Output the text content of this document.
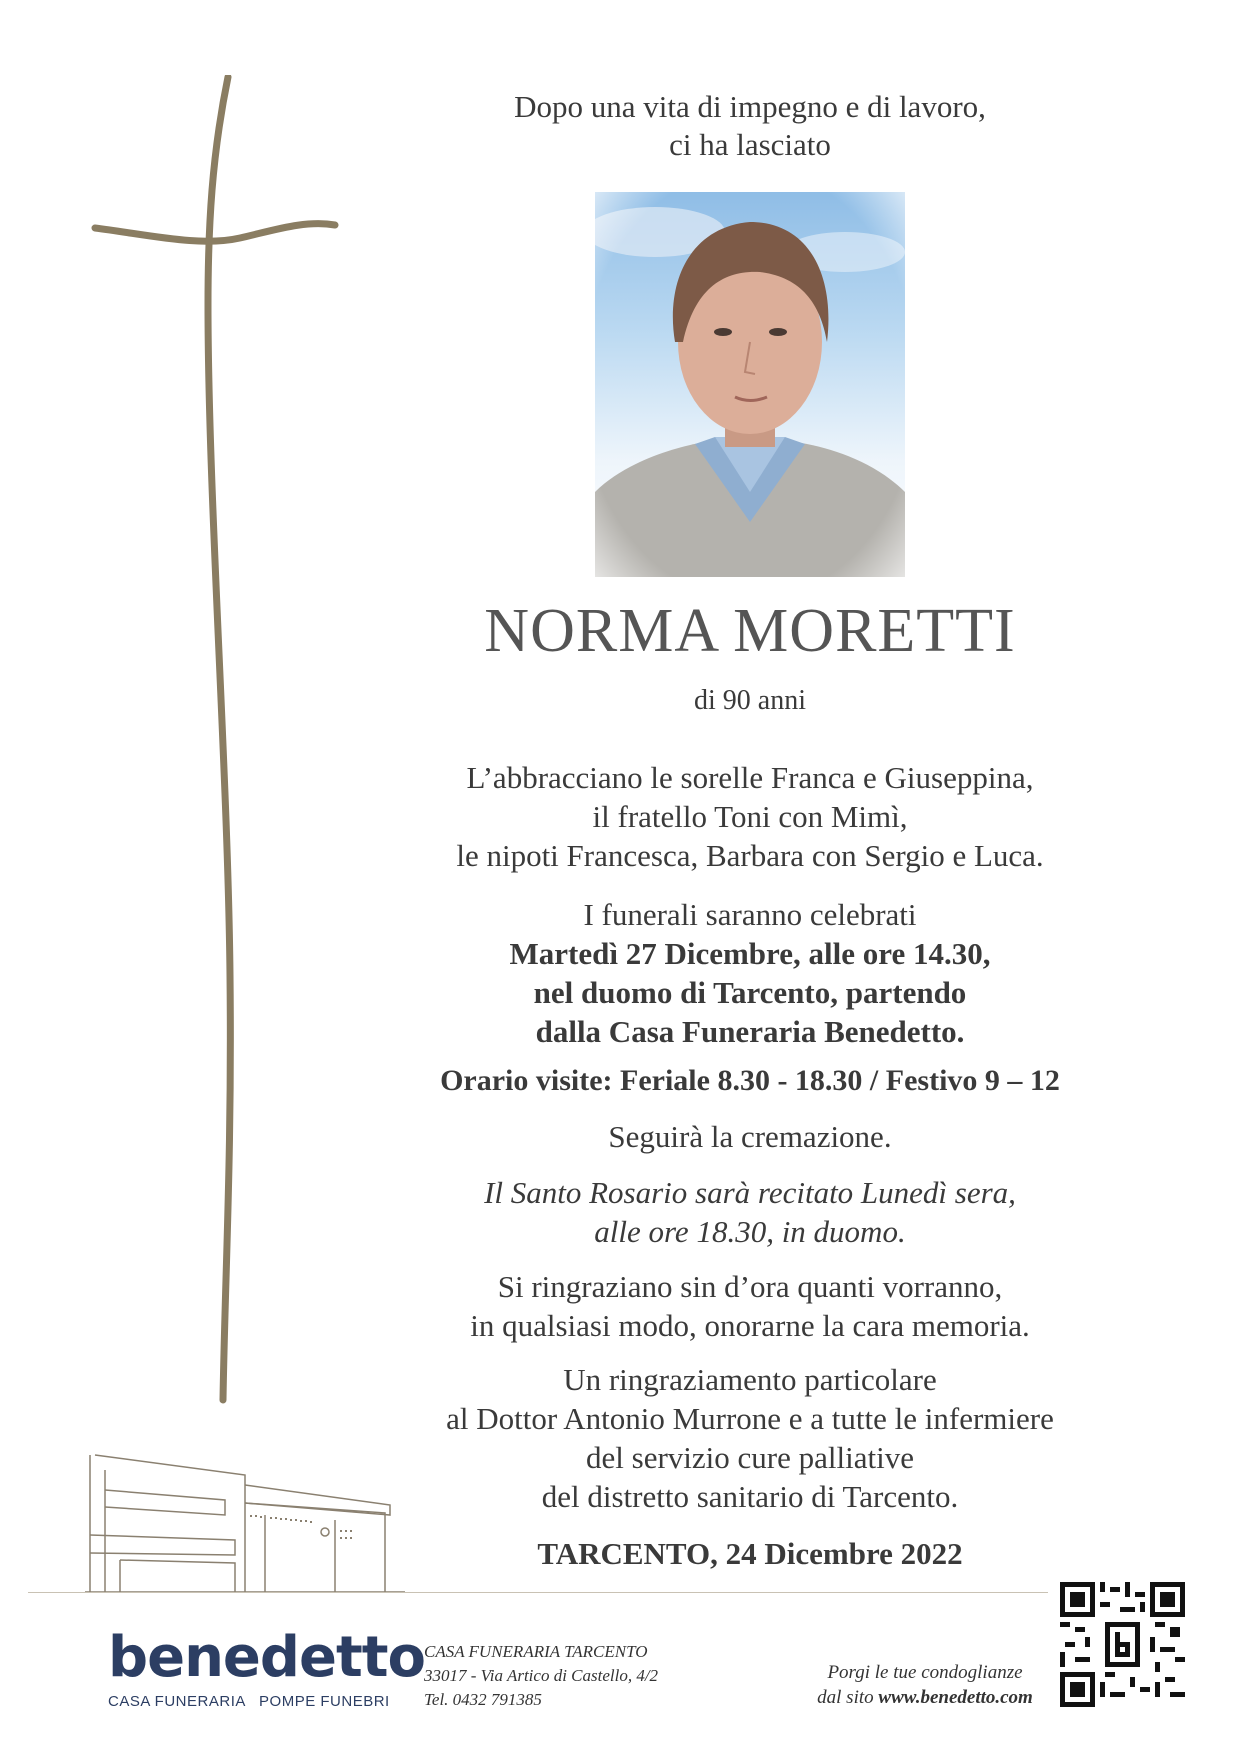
Dopo una vita di impegno e di lavoro,
ci ha lasciato
NORMA MORETTI
di 90 anni
L’abbracciano le sorelle Franca e Giuseppina,
il fratello Toni con Mimì,
le nipoti Francesca, Barbara con Sergio e Luca.
I funerali saranno celebrati
Martedì 27 Dicembre, alle ore 14.30,
nel duomo di Tarcento, partendo
dalla Casa Funeraria Benedetto.
Orario visite: Feriale 8.30 - 18.30 / Festivo 9 – 12
Seguirà la cremazione.
Il Santo Rosario sarà recitato Lunedì sera,
alle ore 18.30, in duomo.
Si ringraziano sin d’ora quanti vorranno,
in qualsiasi modo, onorarne la cara memoria.
Un ringraziamento particolare
al Dottor Antonio Murrone e a tutte le infermiere
del servizio cure palliative
del distretto sanitario di Tarcento.
TARCENTO, 24 Dicembre 2022
benedetto
CASA FUNERARIA   POMPE FUNEBRI
CASA FUNERARIA TARCENTO
33017 - Via Artico di Castello, 4/2
Tel. 0432 791385
Porgi le tue condoglianze
dal sito www.benedetto.com
